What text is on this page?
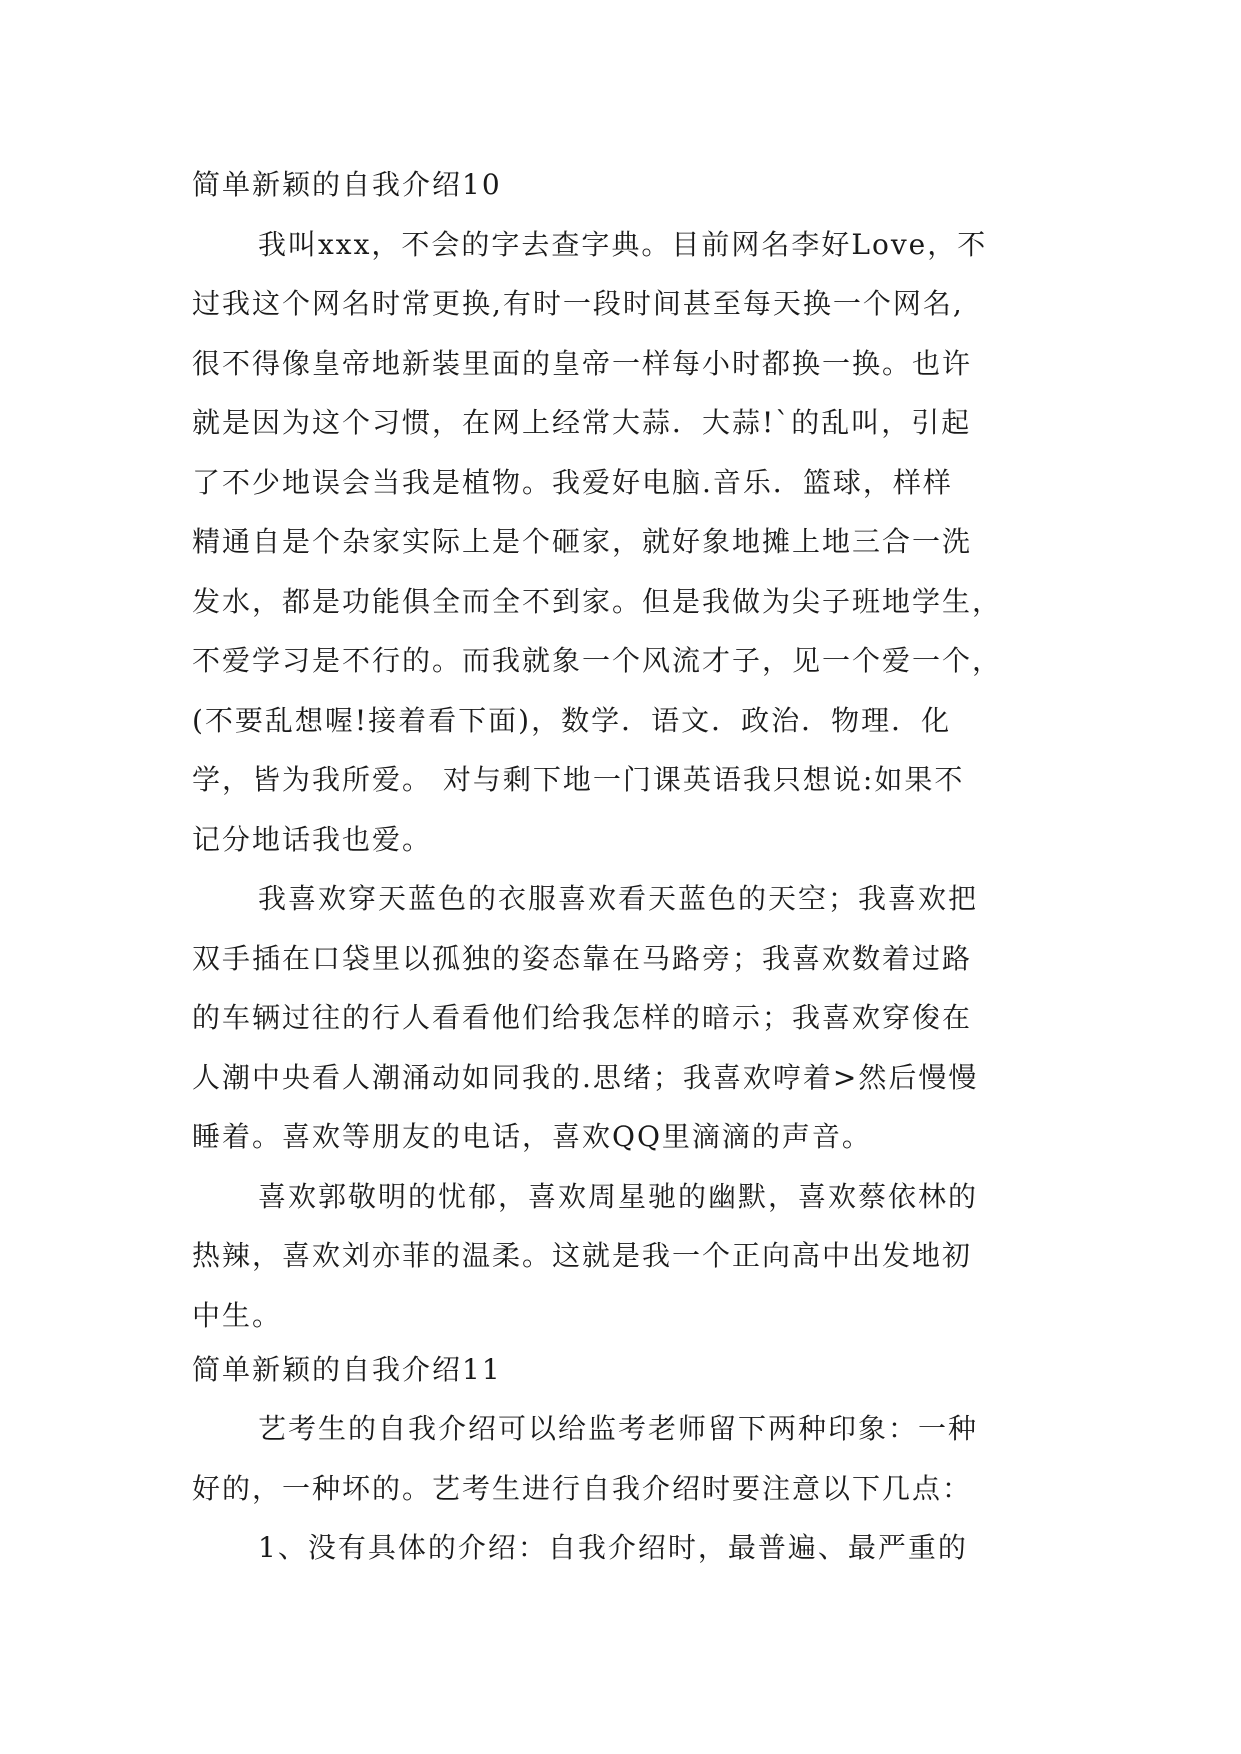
简单新颖的自我介绍10
我叫xxx，不会的字去查字典。目前网名李好Love，不
过我这个网名时常更换,有时一段时间甚至每天换一个网名,
很不得像皇帝地新装里面的皇帝一样每小时都换一换。也许
就是因为这个习惯，在网上经常大蒜．大蒜!`的乱叫，引起
了不少地误会当我是植物。我爱好电脑.音乐．篮球，样样
精通自是个杂家实际上是个砸家，就好象地摊上地三合一洗
发水，都是功能俱全而全不到家。但是我做为尖子班地学生，
不爱学习是不行的。而我就象一个风流才子，见一个爱一个，
(不要乱想喔!接着看下面)，数学．语文．政治．物理．化
学，皆为我所爱。 对与剩下地一门课英语我只想说:如果不
记分地话我也爱。
我喜欢穿天蓝色的衣服喜欢看天蓝色的天空；我喜欢把
双手插在口袋里以孤独的姿态靠在马路旁；我喜欢数着过路
的车辆过往的行人看看他们给我怎样的暗示；我喜欢穿俊在
人潮中央看人潮涌动如同我的.思绪；我喜欢哼着>然后慢慢
睡着。喜欢等朋友的电话，喜欢QQ里滴滴的声音。
喜欢郭敬明的忧郁，喜欢周星驰的幽默，喜欢蔡依林的
热辣，喜欢刘亦菲的温柔。这就是我一个正向高中出发地初
中生。
简单新颖的自我介绍11
艺考生的自我介绍可以给监考老师留下两种印象：一种
好的，一种坏的。艺考生进行自我介绍时要注意以下几点：
1、没有具体的介绍：自我介绍时，最普遍、最严重的
